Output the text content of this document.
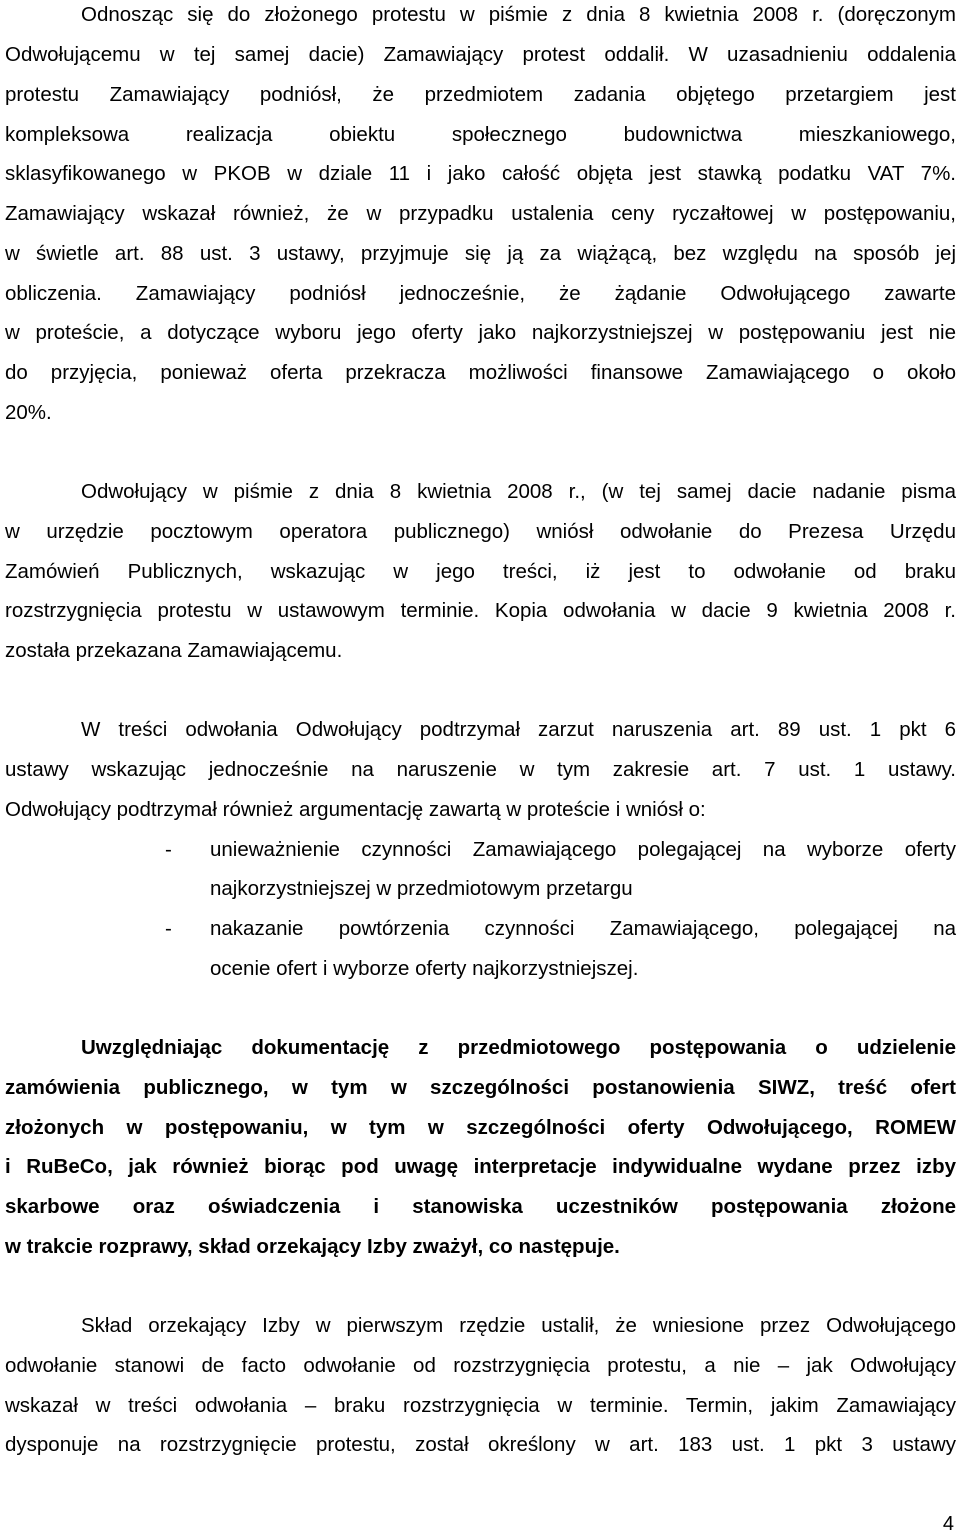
Odnosząc się do złożonego protestu w piśmie z dnia 8 kwietnia 2008 r. (doręczonym
Odwołującemu w tej samej dacie) Zamawiający protest oddalił. W uzasadnieniu oddalenia
protestu Zamawiający podniósł, że przedmiotem zadania objętego przetargiem jest
kompleksowa realizacja obiektu społecznego budownictwa mieszkaniowego,
sklasyfikowanego w PKOB w dziale 11 i jako całość objęta jest stawką podatku VAT 7%.
Zamawiający wskazał również, że w przypadku ustalenia ceny ryczałtowej w postępowaniu,
w świetle art. 88 ust. 3 ustawy, przyjmuje się ją za wiążącą, bez względu na sposób jej
obliczenia. Zamawiający podniósł jednocześnie, że żądanie Odwołującego zawarte
w proteście, a dotyczące wyboru jego oferty jako najkorzystniejszej w postępowaniu jest nie
do przyjęcia, ponieważ oferta przekracza możliwości finansowe Zamawiającego o około
20%.
Odwołujący w piśmie z dnia 8 kwietnia 2008 r., (w tej samej dacie nadanie pisma
w urzędzie pocztowym operatora publicznego) wniósł odwołanie do Prezesa Urzędu
Zamówień Publicznych, wskazując w jego treści, iż jest to odwołanie od braku
rozstrzygnięcia protestu w ustawowym terminie. Kopia odwołania w dacie 9 kwietnia 2008 r.
została przekazana Zamawiającemu.
W treści odwołania Odwołujący podtrzymał zarzut naruszenia art. 89 ust. 1 pkt 6
ustawy wskazując jednocześnie na naruszenie w tym zakresie art. 7 ust. 1 ustawy.
Odwołujący podtrzymał również argumentację zawartą w proteście i wniósł o:
-	unieważnienie czynności Zamawiającego polegającej na wyborze oferty
najkorzystniejszej w przedmiotowym przetargu
-	nakazanie powtórzenia czynności Zamawiającego, polegającej na
ocenie ofert i wyborze oferty najkorzystniejszej.
Uwzględniając dokumentację z przedmiotowego postępowania o udzielenie
zamówienia publicznego, w tym w szczególności postanowienia SIWZ, treść ofert
złożonych w postępowaniu, w tym w szczególności oferty Odwołującego, ROMEW
i RuBeCo, jak również biorąc pod uwagę interpretacje indywidualne wydane przez izby
skarbowe oraz oświadczenia i stanowiska uczestników postępowania złożone
w trakcie rozprawy, skład orzekający Izby zważył, co następuje.
Skład orzekający Izby w pierwszym rzędzie ustalił, że wniesione przez Odwołującego
odwołanie stanowi de facto odwołanie od rozstrzygnięcia protestu, a nie – jak Odwołujący
wskazał w treści odwołania – braku rozstrzygnięcia w terminie. Termin, jakim Zamawiający
dysponuje na rozstrzygnięcie protestu, został określony w art. 183 ust. 1 pkt 3 ustawy
4
